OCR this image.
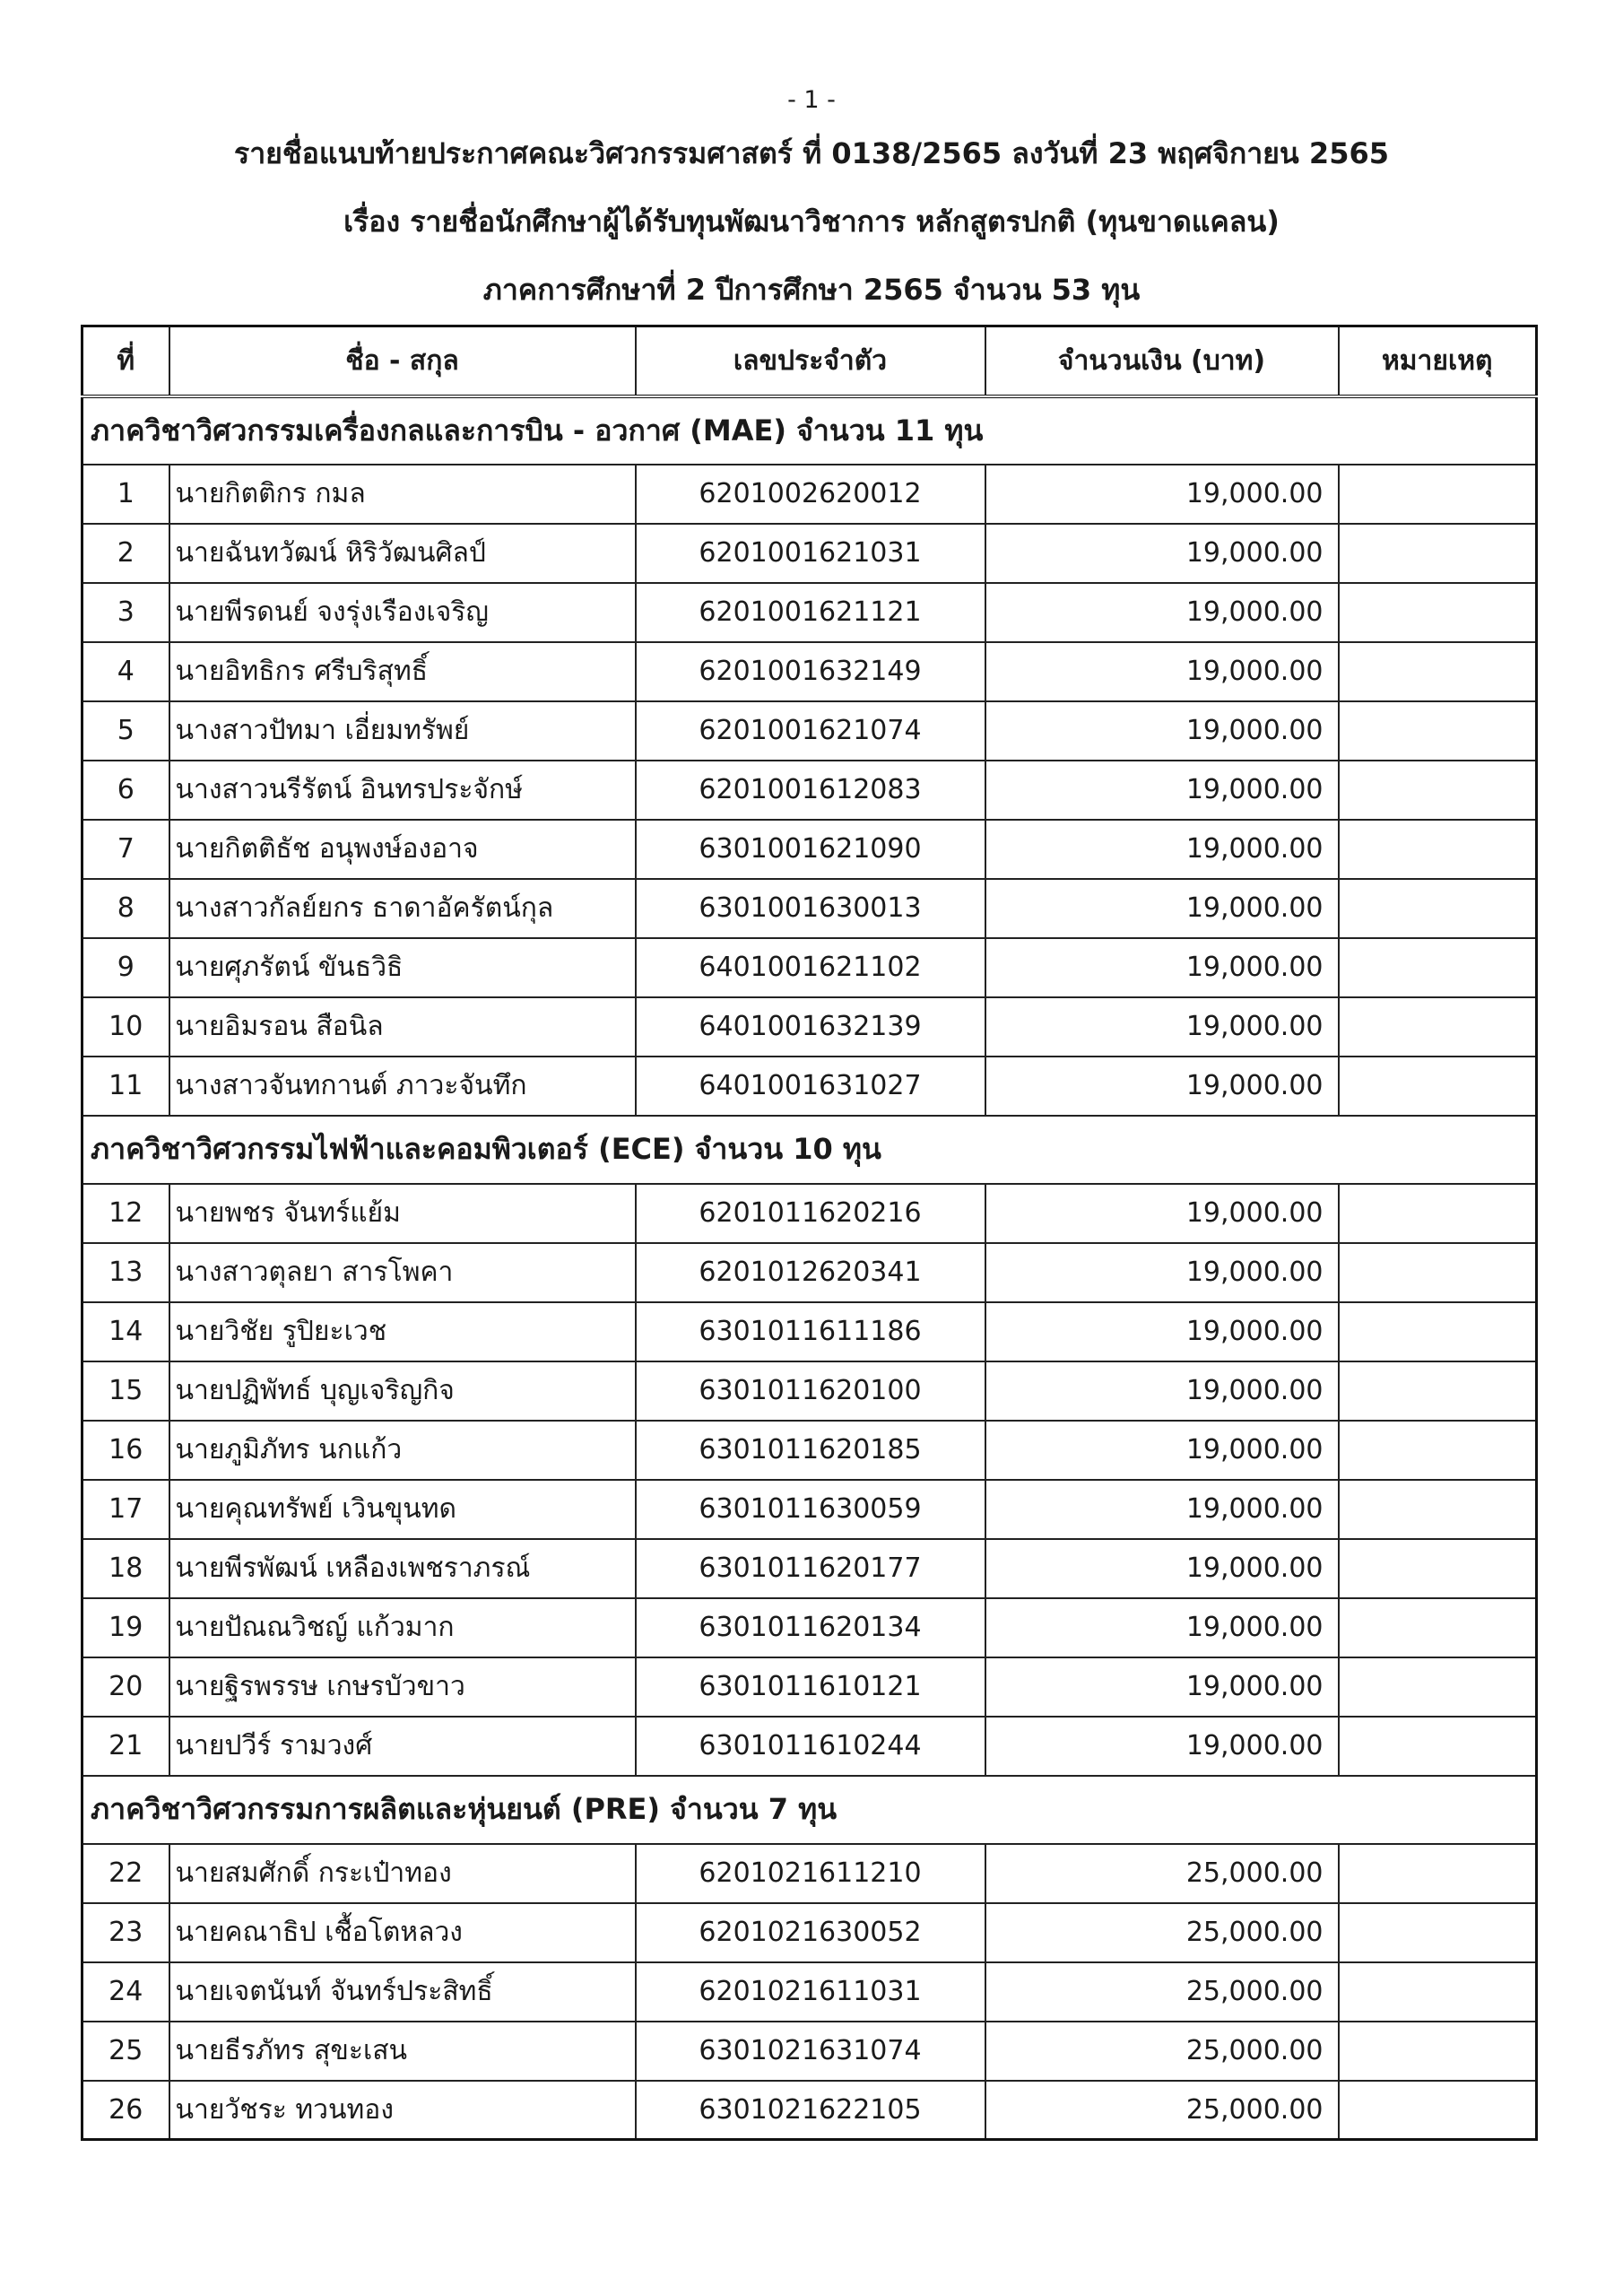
- 1 -
รายชื่อแนบท้ายประกาศคณะวิศวกรรมศาสตร์ ที่ 0138/2565 ลงวันที่ 23 พฤศจิกายน 2565
เรื่อง รายชื่อนักศึกษาผู้ได้รับทุนพัฒนาวิชาการ หลักสูตรปกติ (ทุนขาดแคลน)
ภาคการศึกษาที่ 2 ปีการศึกษา 2565 จำนวน 53 ทุน
ที่	ชื่อ - สกุล	เลขประจำตัว	จำนวนเงิน (บาท)	หมายเหตุ
ภาควิชาวิศวกรรมเครื่องกลและการบิน - อวกาศ (MAE) จำนวน 11 ทุน				
1	นายกิตติกร กมล	6201002620012	19,000.00	
2	นายฉันทวัฒน์ หิริวัฒนศิลป์	6201001621031	19,000.00	
3	นายพีรดนย์ จงรุ่งเรืองเจริญ	6201001621121	19,000.00	
4	นายอิทธิกร ศรีบริสุทธิ์	6201001632149	19,000.00	
5	นางสาวปัทมา เอี่ยมทรัพย์	6201001621074	19,000.00	
6	นางสาวนรีรัตน์ อินทรประจักษ์	6201001612083	19,000.00	
7	นายกิตติธัช อนุพงษ์องอาจ	6301001621090	19,000.00	
8	นางสาวกัลย์ยกร ธาดาอัครัตน์กุล	6301001630013	19,000.00	
9	นายศุภรัตน์ ขันธวิธิ	6401001621102	19,000.00	
10	นายอิมรอน สือนิล	6401001632139	19,000.00	
11	นางสาวจันทกานต์ ภาวะจันทึก	6401001631027	19,000.00	
ภาควิชาวิศวกรรมไฟฟ้าและคอมพิวเตอร์ (ECE) จำนวน 10 ทุน				
12	นายพชร จันทร์แย้ม	6201011620216	19,000.00	
13	นางสาวตุลยา สารโพคา	6201012620341	19,000.00	
14	นายวิชัย รูปิยะเวช	6301011611186	19,000.00	
15	นายปฏิพัทธ์ บุญเจริญกิจ	6301011620100	19,000.00	
16	นายภูมิภัทร นกแก้ว	6301011620185	19,000.00	
17	นายคุณทรัพย์ เวินขุนทด	6301011630059	19,000.00	
18	นายพีรพัฒน์ เหลืองเพชราภรณ์	6301011620177	19,000.00	
19	นายปัณณวิชญ์ แก้วมาก	6301011620134	19,000.00	
20	นายฐิรพรรษ เกษรบัวขาว	6301011610121	19,000.00	
21	นายปวีร์ รามวงศ์	6301011610244	19,000.00	
ภาควิชาวิศวกรรมการผลิตและหุ่นยนต์ (PRE) จำนวน 7 ทุน				
22	นายสมศักดิ์ กระเป๋าทอง	6201021611210	25,000.00	
23	นายคณาธิป เชื้อโตหลวง	6201021630052	25,000.00	
24	นายเจตนันท์ จันทร์ประสิทธิ์	6201021611031	25,000.00	
25	นายธีรภัทร สุขะเสน	6301021631074	25,000.00	
26	นายวัชระ ทวนทอง	6301021622105	25,000.00	
